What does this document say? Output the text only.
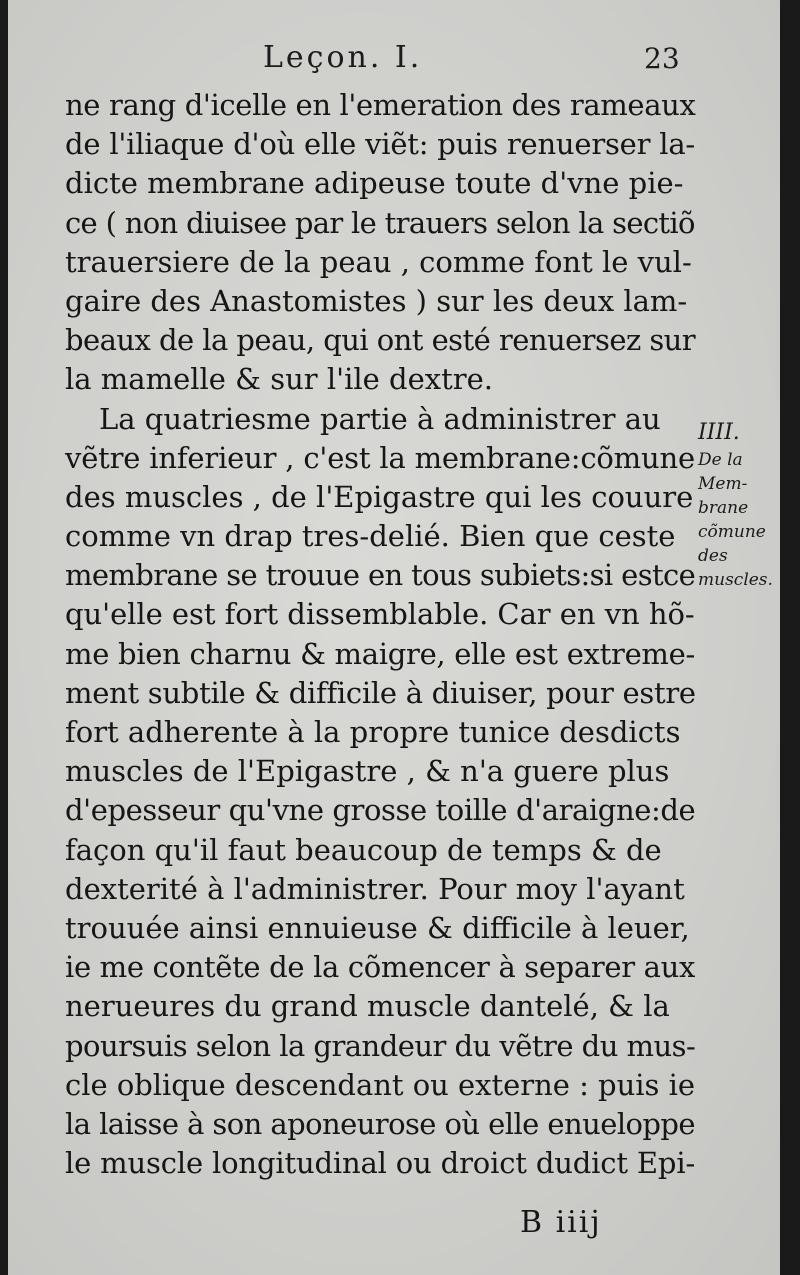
Leçon. I.	23
ne rang d'icelle en l'emeration des rameaux
de l'iliaque d'où elle viẽt: puis renuerser la-
dicte membrane adipeuse toute d'vne pie-
ce ( non diuisee par le trauers selon la sectiõ
trauersiere de la peau , comme font le vul-
gaire des Anastomistes ) sur les deux lam-
beaux de la peau, qui ont esté renuersez sur
la mamelle & sur l'ile dextre.
La quatriesme partie à administrer au
vẽtre inferieur , c'est la membrane:cõmune
des muscles , de l'Epigastre qui les couure
comme vn drap tres-delié. Bien que ceste
membrane se trouue en tous subiets:si estce
qu'elle est fort dissemblable. Car en vn hõ-
me bien charnu & maigre, elle est extreme-
ment subtile & difficile à diuiser, pour estre
fort adherente à la propre tunice desdicts
muscles de l'Epigastre , & n'a guere plus
d'epesseur qu'vne grosse toille d'araigne:de
façon qu'il faut beaucoup de temps & de
dexterité à l'administrer. Pour moy l'ayant
trouuée ainsi ennuieuse & difficile à leuer,
ie me contẽte de la cõmencer à separer aux
nerueures du grand muscle dantelé, & la
poursuis selon la grandeur du vẽtre du mus-
cle oblique descendant ou externe : puis ie
la laisse à son aponeurose où elle enueloppe
le muscle longitudinal ou droict dudict Epi-
IIII.
De la
Mem-
brane
cõmune
des
muscles.
B iiij
